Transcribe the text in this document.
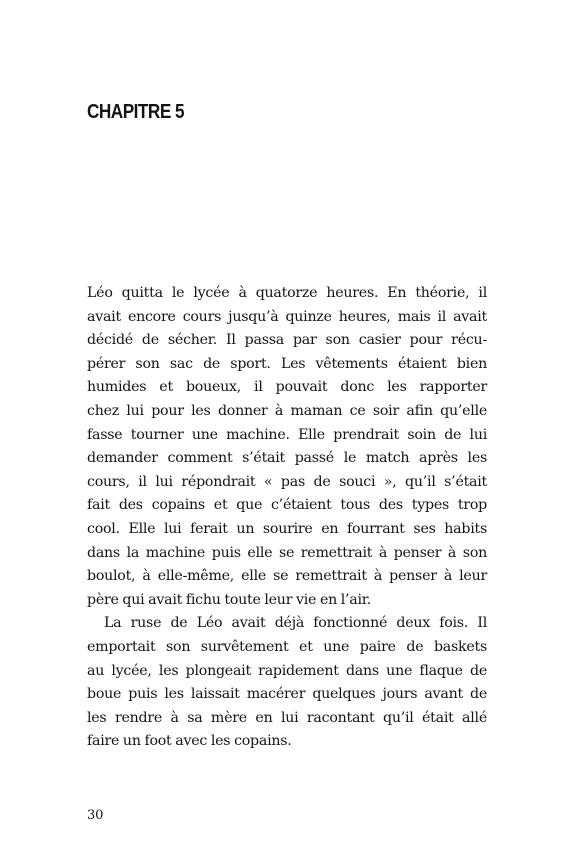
CHAPITRE 5
Léo quitta le lycée à quatorze heures. En théorie, il
avait encore cours jusqu’à quinze heures, mais il avait
décidé de sécher. Il passa par son casier pour récu-
pérer son sac de sport. Les vêtements étaient bien
humides et boueux, il pouvait donc les rapporter
chez lui pour les donner à maman ce soir afin qu’elle
fasse tourner une machine. Elle prendrait soin de lui
demander comment s’était passé le match après les
cours, il lui répondrait « pas de souci », qu’il s’était
fait des copains et que c’étaient tous des types trop
cool. Elle lui ferait un sourire en fourrant ses habits
dans la machine puis elle se remettrait à penser à son
boulot, à elle-même, elle se remettrait à penser à leur
père qui avait fichu toute leur vie en l’air.
La ruse de Léo avait déjà fonctionné deux fois. Il
emportait son survêtement et une paire de baskets
au lycée, les plongeait rapidement dans une flaque de
boue puis les laissait macérer quelques jours avant de
les rendre à sa mère en lui racontant qu’il était allé
faire un foot avec les copains.
30
